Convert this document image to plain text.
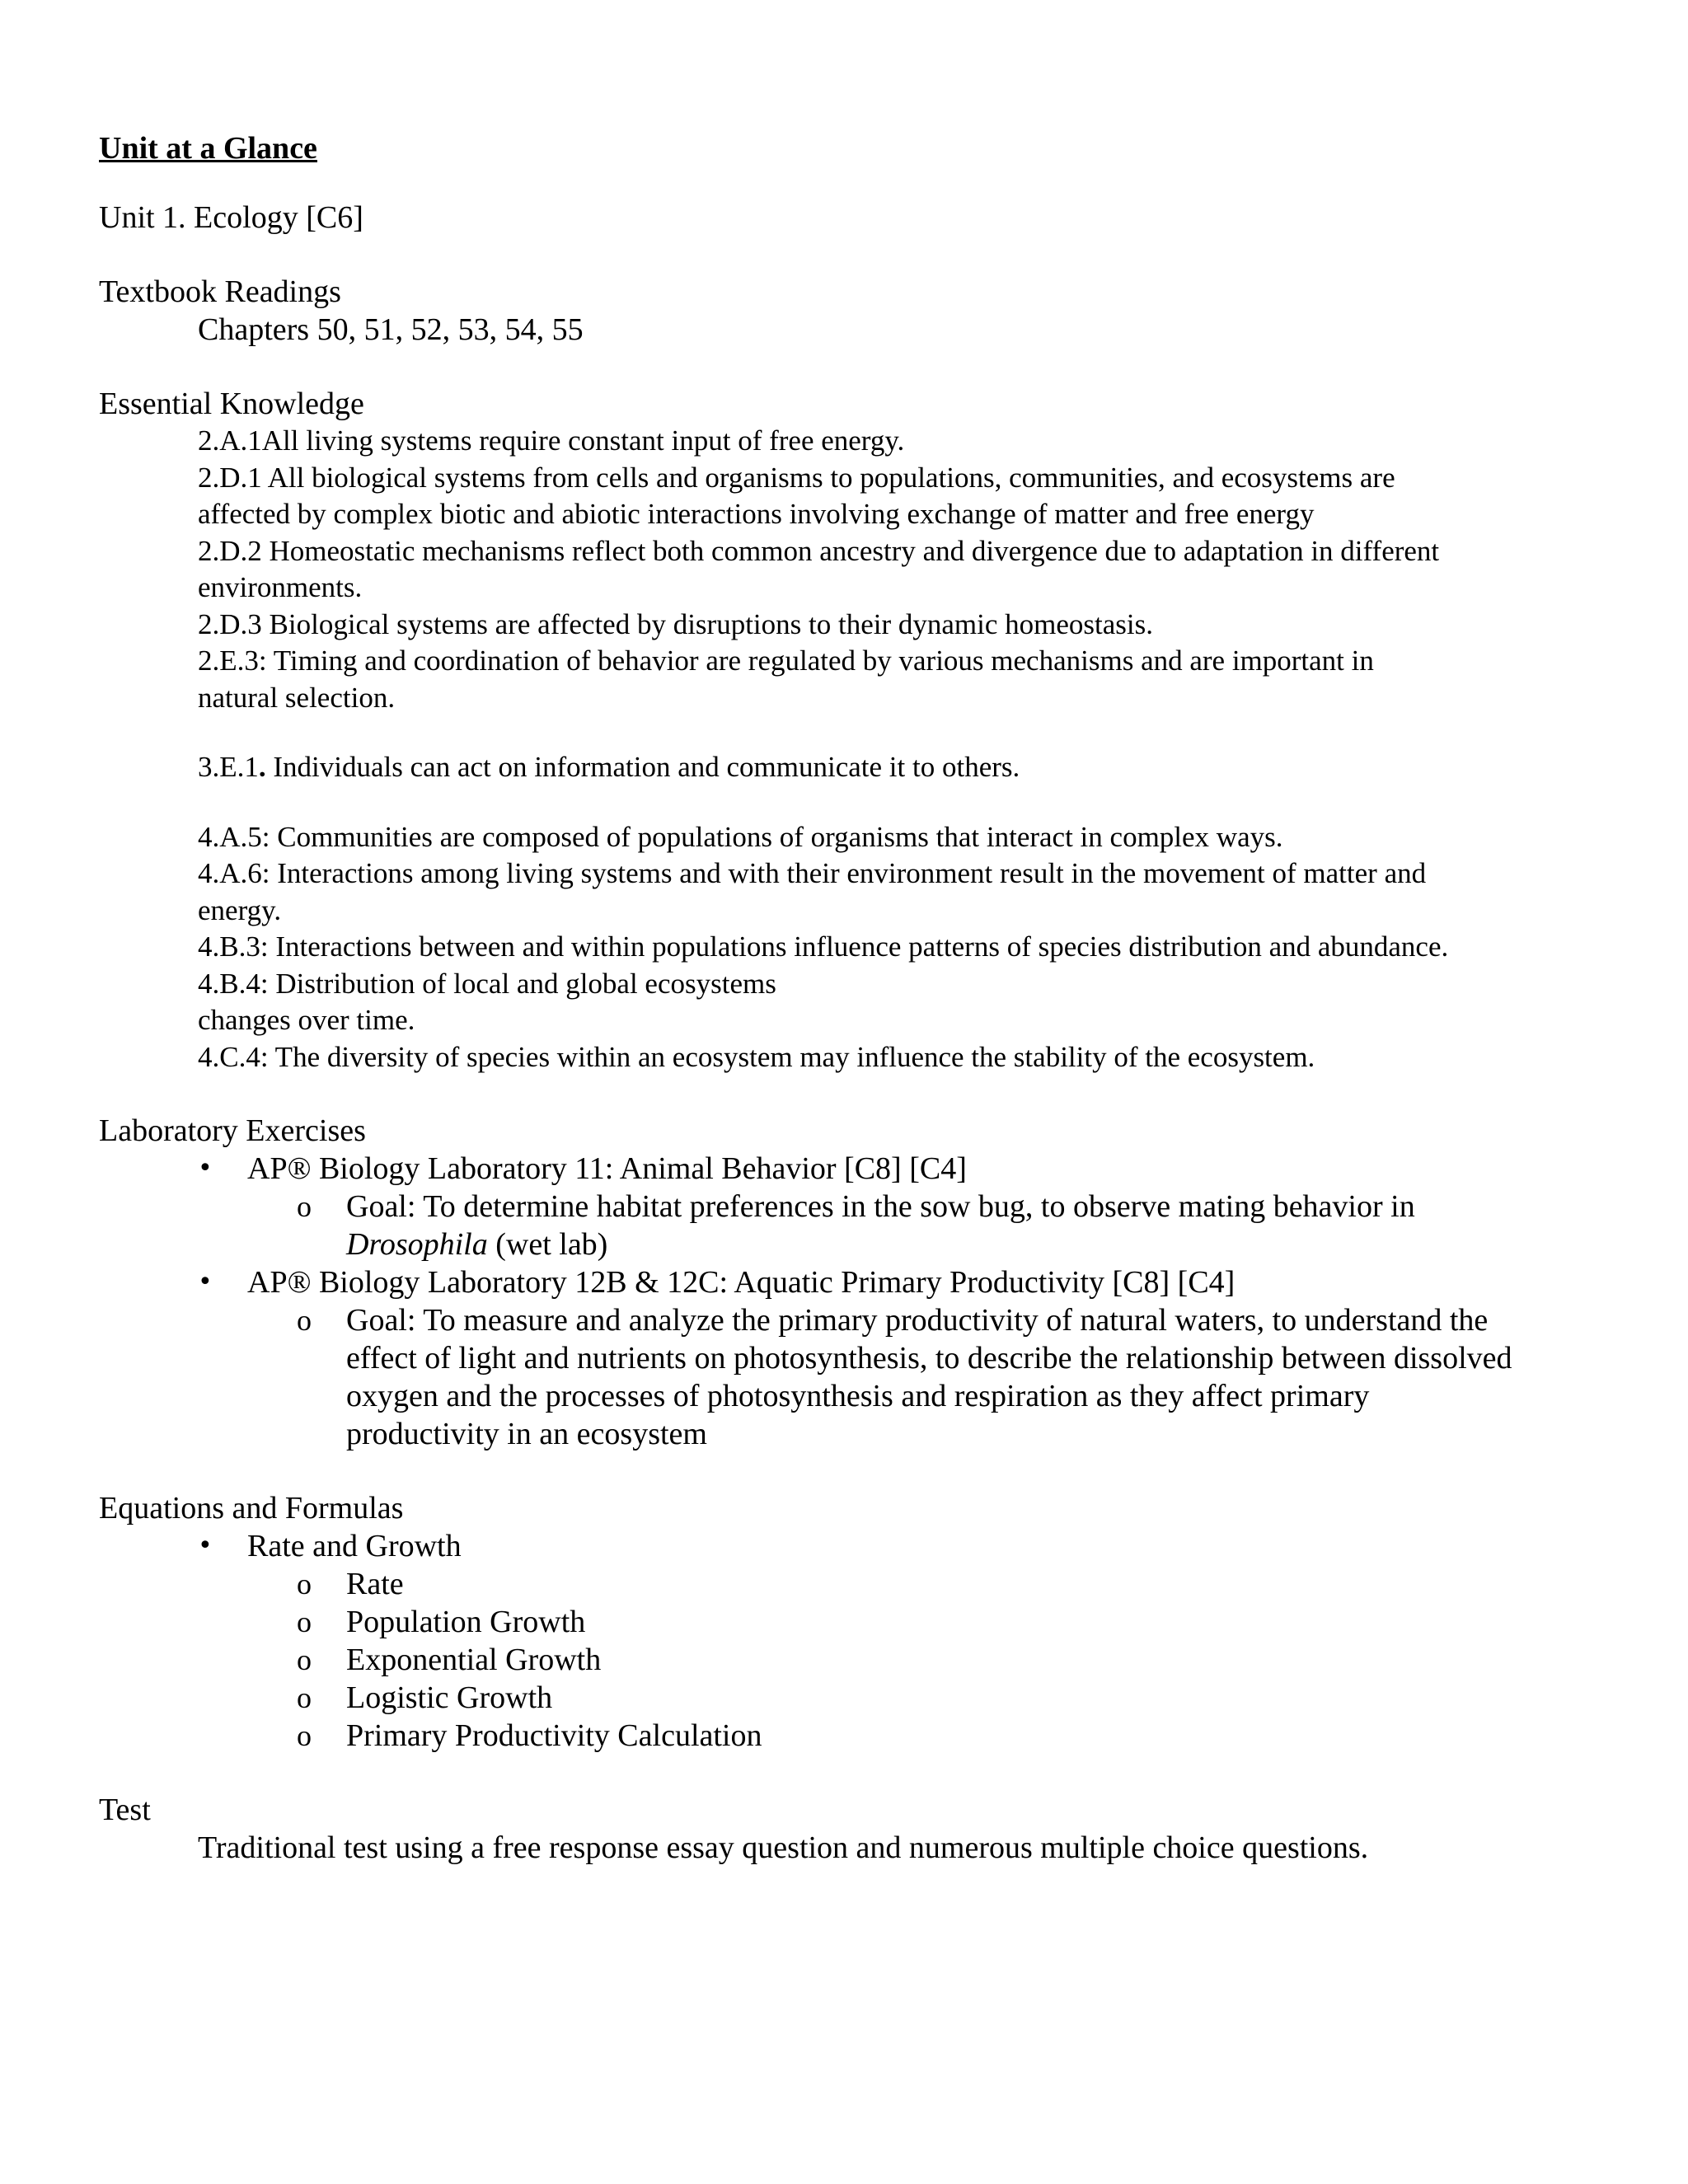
Unit at a Glance
Unit 1. Ecology [C6]
Textbook Readings
Chapters 50, 51, 52, 53, 54, 55
Essential Knowledge
2.A.1All living systems require constant input of free energy.
2.D.1 All biological systems from cells and organisms to populations, communities, and ecosystems are
affected by complex biotic and abiotic interactions involving exchange of matter and free energy
2.D.2 Homeostatic mechanisms reflect both common ancestry and divergence due to adaptation in different
environments.
2.D.3 Biological systems are affected by disruptions to their dynamic homeostasis.
2.E.3: Timing and coordination of behavior are regulated by various mechanisms and are important in
natural selection.
3.E.1. Individuals can act on information and communicate it to others.
4.A.5: Communities are composed of populations of organisms that interact in complex ways.
4.A.6: Interactions among living systems and with their environment result in the movement of matter and
energy.
4.B.3: Interactions between and within populations influence patterns of species distribution and abundance.
4.B.4: Distribution of local and global ecosystems
changes over time.
4.C.4: The diversity of species within an ecosystem may influence the stability of the ecosystem.
Laboratory Exercises
•	AP® Biology Laboratory 11: Animal Behavior [C8] [C4]
o	Goal: To determine habitat preferences in the sow bug, to observe mating behavior in
Drosophila (wet lab)
•	AP® Biology Laboratory 12B & 12C: Aquatic Primary Productivity [C8] [C4]
o	Goal: To measure and analyze the primary productivity of natural waters, to understand the
effect of light and nutrients on photosynthesis, to describe the relationship between dissolved
oxygen and the processes of photosynthesis and respiration as they affect primary
productivity in an ecosystem
Equations and Formulas
•	Rate and Growth
o	Rate
o	Population Growth
o	Exponential Growth
o	Logistic Growth
o	Primary Productivity Calculation
Test
Traditional test using a free response essay question and numerous multiple choice questions.
